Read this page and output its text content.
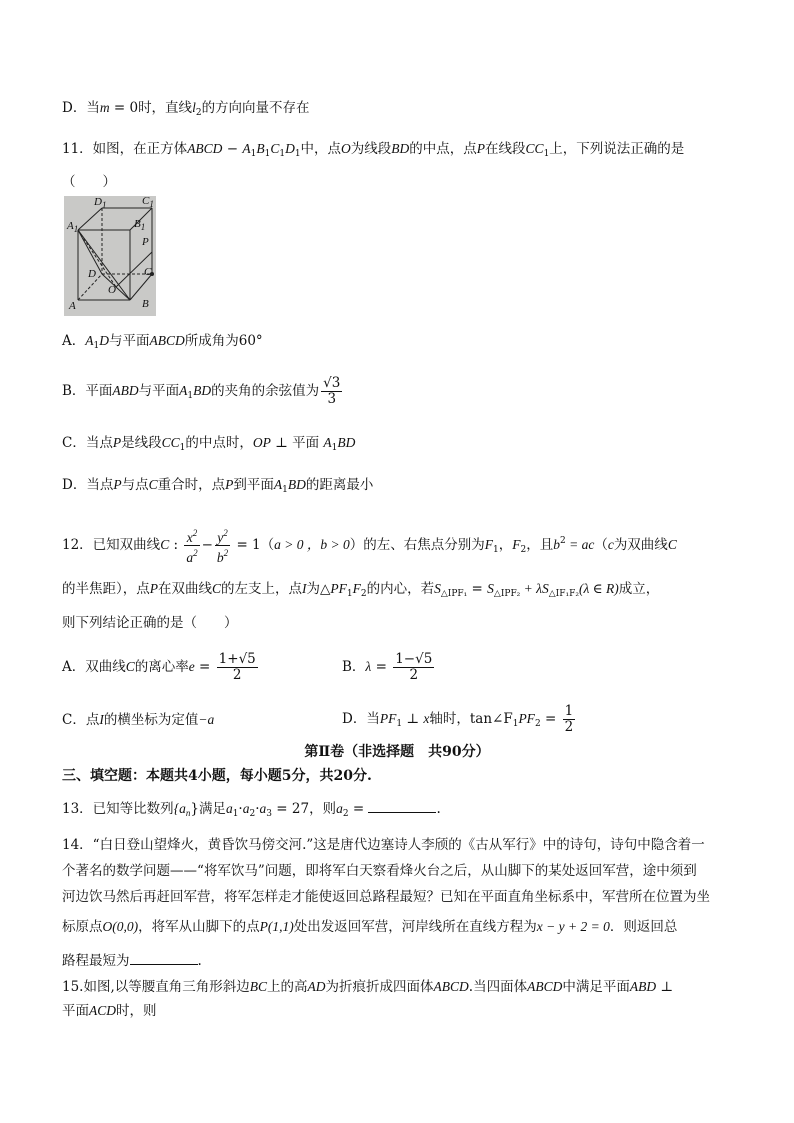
D．当m = 0时，直线$l_2$的方向向量不存在
11．如图，在正方体ABCD − $A_1B_1C_1D_1$中，点O为线段BD的中点，点P在线段$CC_1$上，下列说法正确的是
（　　）
$D_1$	$C_1$
$A_1$	$B_1$
P
D	C
O
A	B
A．$A_1D$与平面ABCD所成角为60°
B．平面ABD与平面$A_1BD$的夹角的余弦值为 $\frac{√3}{3}$
C．当点P是线段$CC_1$的中点时，OP ⊥ 平面 $A_1BD$
D．当点P与点C重合时，点P到平面$A_1BD$的距离最小
12．已知双曲线C : $\frac{x^2}{a^2} - \frac{y^2}{b^2} = 1(a > 0$ ，b > 0）的左、右焦点分别为$F_1$，$F_2$，且$b^2 = ac(c$为双曲线C
的半焦距），点P在双曲线C的左支上，点I为$\triangle PF_1F_2$的内心，若$S_{\triangle IPF_1} = S_{\triangle IPF_2} + \lambda S_{\triangle IF_1F_2}(\lambda$ ∈ R)成立，
则下列结论正确的是（　　）
A．双曲线C的离心率$e = \frac{1+√5}{2}$	B．$\lambda = \frac{1-√5}{2}$
C．点I的横坐标为定值−a	D．当$PF_1$ ⊥ x轴时，$\tan\angle F_1PF_2 = \frac{1}{2}$
第Ⅱ卷（非选择题　共90分）
三、填空题：本题共4小题，每小题5分，共20分.
13．已知等比数列$\{a_n\}$满足$a_1\cdot a_2\cdot a_3 = 27$，则$a_2$ =	.
14．“白日登山望烽火，黄昏饮马傍交河.”这是唐代边塞诗人李颀的《古从军行》中的诗句，诗句中隐含着一
个著名的数学问题——“将军饮马”问题，即将军白天察看烽火台之后，从山脚下的某处返回军营，途中须到
河边饮马然后再赶回军营，将军怎样走才能使返回总路程最短？已知在平面直角坐标系中，军营所在位置为坐
标原点O(0,0)，将军从山脚下的点P(1,1)处出发返回军营，河岸线所在直线方程为x − y + 2 = 0．则返回总
路程最短为	.
15.如图,以等腰直角三角形斜边BC上的高AD为折痕折成四面体ABCD.当四面体ABCD中满足平面ABD ⊥
平面ACD时，则
